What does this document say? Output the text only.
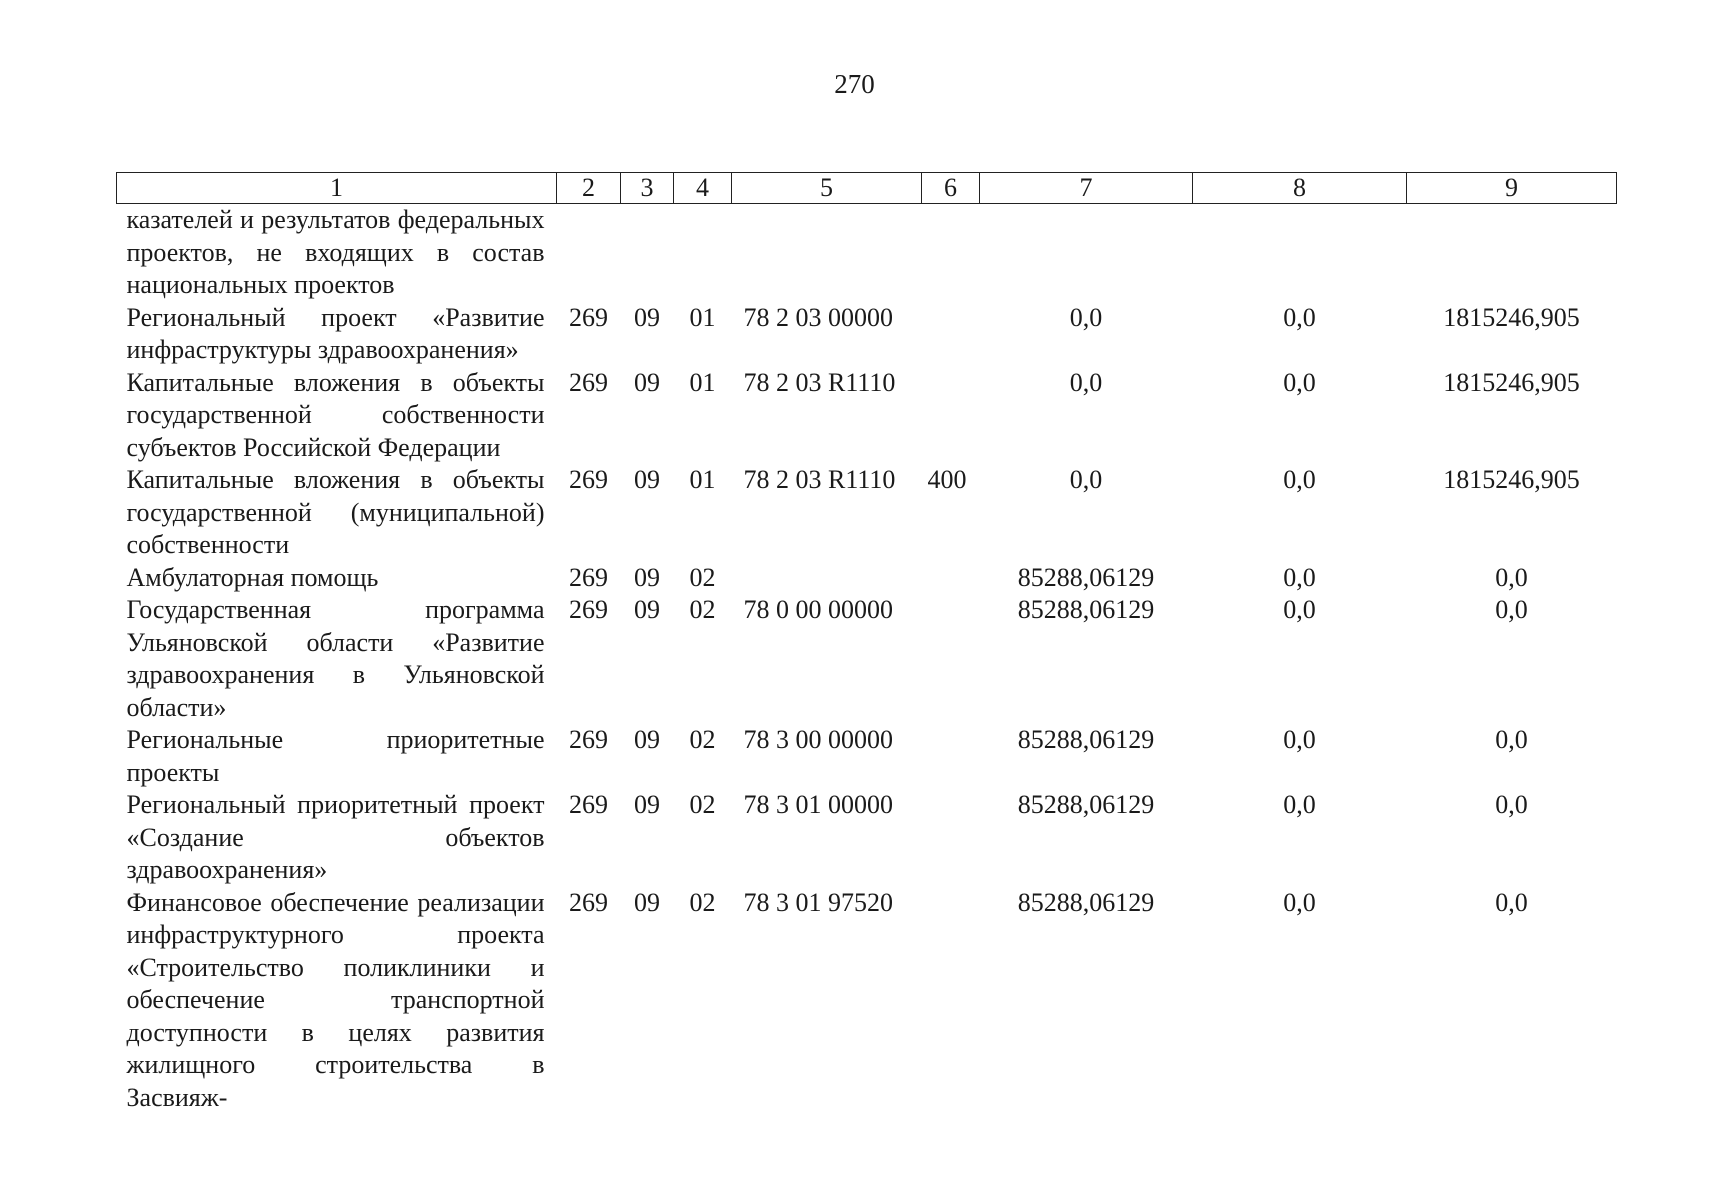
270
1	2	3	4	5	6	7	8	9
казателей и результатов федеральных проектов, не входящих в состав национальных проектов								
Региональный проект «Развитие инфраструктуры здравоохранения»	269	09	01	78 2 03 00000		0,0	0,0	1815246,905
Капитальные вложения в объекты государственной собственности субъектов Российской Федерации	269	09	01	78 2 03 R1110		0,0	0,0	1815246,905
Капитальные вложения в объекты государственной (муниципальной) собственности	269	09	01	78 2 03 R1110	400	0,0	0,0	1815246,905
Амбулаторная помощь	269	09	02			85288,06129	0,0	0,0
Государственная программа Ульяновской области «Развитие здравоохранения в Ульяновской области»	269	09	02	78 0 00 00000		85288,06129	0,0	0,0
Региональные приоритетные проекты	269	09	02	78 3 00 00000		85288,06129	0,0	0,0
Региональный приоритетный проект «Создание объектов здравоохранения»	269	09	02	78 3 01 00000		85288,06129	0,0	0,0
Финансовое обеспечение реализации инфраструктурного проекта «Строительство поликлиники и обеспечение транспортной доступности в целях развития жилищного строительства в Засвияж-	269	09	02	78 3 01 97520		85288,06129	0,0	0,0
